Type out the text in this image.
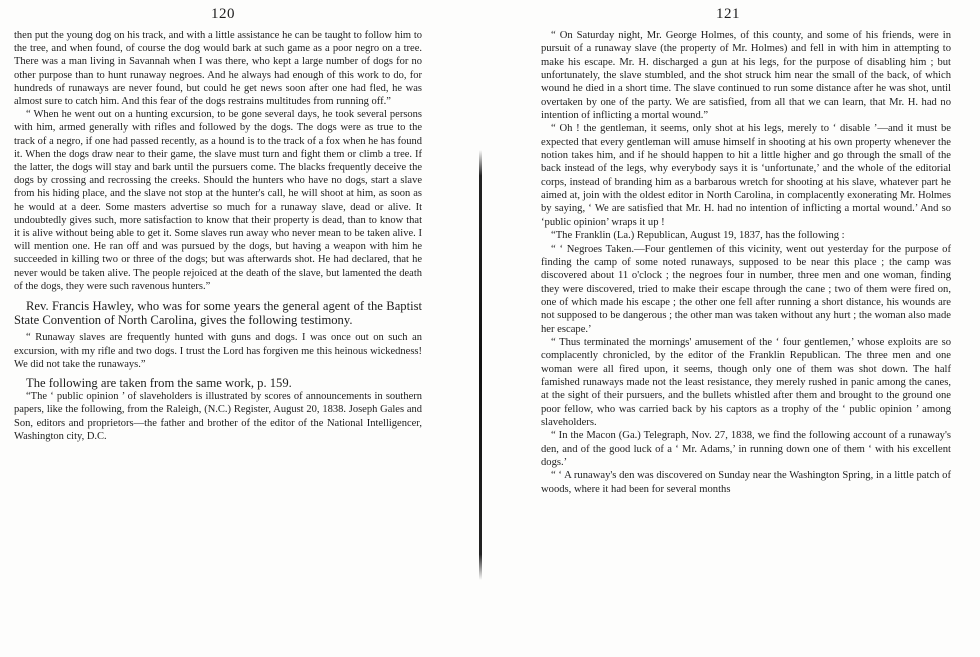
120

then put the young dog on his track, and with a little assistance he can be taught to follow him to the tree, and when found, of course the dog would bark at such game as a poor negro on a tree. There was a man living in Savannah when I was there, who kept a large number of dogs for no other purpose than to hunt runaway negroes. And he always had enough of this work to do, for hundreds of runaways are never found, but could he get news soon after one had fled, he was almost sure to catch him. And this fear of the dogs restrains multitudes from running off.”

“ When he went out on a hunting excursion, to be gone several days, he took several persons with him, armed generally with rifles and followed by the dogs. The dogs were as true to the track of a negro, if one had passed recently, as a hound is to the track of a fox when he has found it. When the dogs draw near to their game, the slave must turn and fight them or climb a tree. If the latter, the dogs will stay and bark until the pursuers come. The blacks frequently deceive the dogs by crossing and recrossing the creeks. Should the hunters who have no dogs, start a slave from his hiding place, and the slave not stop at the hunter's call, he will shoot at him, as soon as he would at a deer. Some masters advertise so much for a runaway slave, dead or alive. It undoubtedly gives such, more satisfaction to know that their property is dead, than to know that it is alive without being able to get it. Some slaves run away who never mean to be taken alive. I will mention one. He ran off and was pursued by the dogs, but having a weapon with him he succeeded in killing two or three of the dogs; but was afterwards shot. He had declared, that he never would be taken alive. The people rejoiced at the death of the slave, but lamented the death of the dogs, they were such ravenous hunters.”

Rev. Francis Hawley, who was for some years the general agent of the Baptist State Convention of North Carolina, gives the following testimony.

“ Runaway slaves are frequently hunted with guns and dogs. I was once out on such an excursion, with my rifle and two dogs. I trust the Lord has forgiven me this heinous wickedness! We did not take the runaways.”

The following are taken from the same work, p. 159.

“The ‘ public opinion ’ of slaveholders is illustrated by scores of announcements in southern papers, like the following, from the Raleigh, (N.C.) Register, August 20, 1838. Joseph Gales and Son, editors and proprietors—the father and brother of the editor of the National Intelligencer, Washington city, D.C.

121

“ On Saturday night, Mr. George Holmes, of this county, and some of his friends, were in pursuit of a runaway slave (the property of Mr. Holmes) and fell in with him in attempting to make his escape. Mr. H. discharged a gun at his legs, for the purpose of disabling him ; but unfortunately, the slave stumbled, and the shot struck him near the small of the back, of which wound he died in a short time. The slave continued to run some distance after he was shot, until overtaken by one of the party. We are satisfied, from all that we can learn, that Mr. H. had no intention of inflicting a mortal wound.”

“ Oh ! the gentleman, it seems, only shot at his legs, merely to ‘ disable ’—and it must be expected that every gentleman will amuse himself in shooting at his own property whenever the notion takes him, and if he should happen to hit a little higher and go through the small of the back instead of the legs, why everybody says it is ‘unfortunate,’ and the whole of the editorial corps, instead of branding him as a barbarous wretch for shooting at his slave, whatever part he aimed at, join with the oldest editor in North Carolina, in complacently exonerating Mr. Holmes by saying, ‘ We are satisfied that Mr. H. had no intention of inflicting a mortal wound.’ And so ‘public opinion’ wraps it up !

“The Franklin (La.) Republican, August 19, 1837, has the following :

“ ‘ Negroes Taken.—Four gentlemen of this vicinity, went out yesterday for the purpose of finding the camp of some noted runaways, supposed to be near this place ; the camp was discovered about 11 o'clock ; the negroes four in number, three men and one woman, finding they were discovered, tried to make their escape through the cane ; two of them were fired on, one of which made his escape ; the other one fell after running a short distance, his wounds are not supposed to be dangerous ; the other man was taken without any hurt ; the woman also made her escape.’

“ Thus terminated the mornings' amusement of the ‘ four gentlemen,’ whose exploits are so complacently chronicled, by the editor of the Franklin Republican. The three men and one woman were all fired upon, it seems, though only one of them was shot down. The half famished runaways made not the least resistance, they merely rushed in panic among the canes, at the sight of their pursuers, and the bullets whistled after them and brought to the ground one poor fellow, who was carried back by his captors as a trophy of the ‘ public opinion ’ among slaveholders.

“ In the Macon (Ga.) Telegraph, Nov. 27, 1838, we find the following account of a runaway's den, and of the good luck of a ‘ Mr. Adams,’ in running down one of them ‘ with his excellent dogs.’

“ ‘ A runaway's den was discovered on Sunday near the Washington Spring, in a little patch of woods, where it had been for several months
